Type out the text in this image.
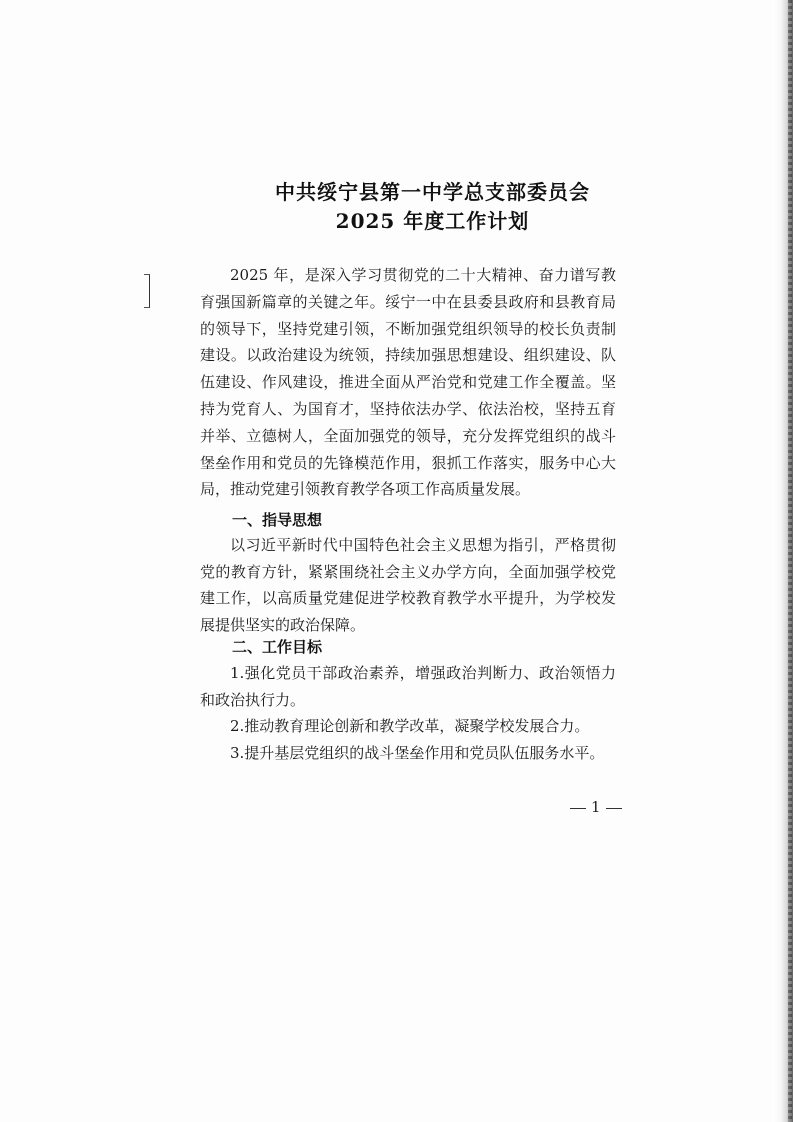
中共绥宁县第一中学总支部委员会
2025 年度工作计划
2025 年，是深入学习贯彻党的二十大精神、奋力谱写教育强国新篇章的关键之年。绥宁一中在县委县政府和县教育局的领导下，坚持党建引领，不断加强党组织领导的校长负责制建设。以政治建设为统领，持续加强思想建设、组织建设、队伍建设、作风建设，推进全面从严治党和党建工作全覆盖。坚持为党育人、为国育才，坚持依法办学、依法治校，坚持五育并举、立德树人，全面加强党的领导，充分发挥党组织的战斗堡垒作用和党员的先锋模范作用，狠抓工作落实，服务中心大局，推动党建引领教育教学各项工作高质量发展。
一、指导思想
以习近平新时代中国特色社会主义思想为指引，严格贯彻党的教育方针，紧紧围绕社会主义办学方向，全面加强学校党建工作，以高质量党建促进学校教育教学水平提升，为学校发展提供坚实的政治保障。
二、工作目标
1.强化党员干部政治素养，增强政治判断力、政治领悟力和政治执行力。
2.推动教育理论创新和教学改革，凝聚学校发展合力。
3.提升基层党组织的战斗堡垒作用和党员队伍服务水平。
1
